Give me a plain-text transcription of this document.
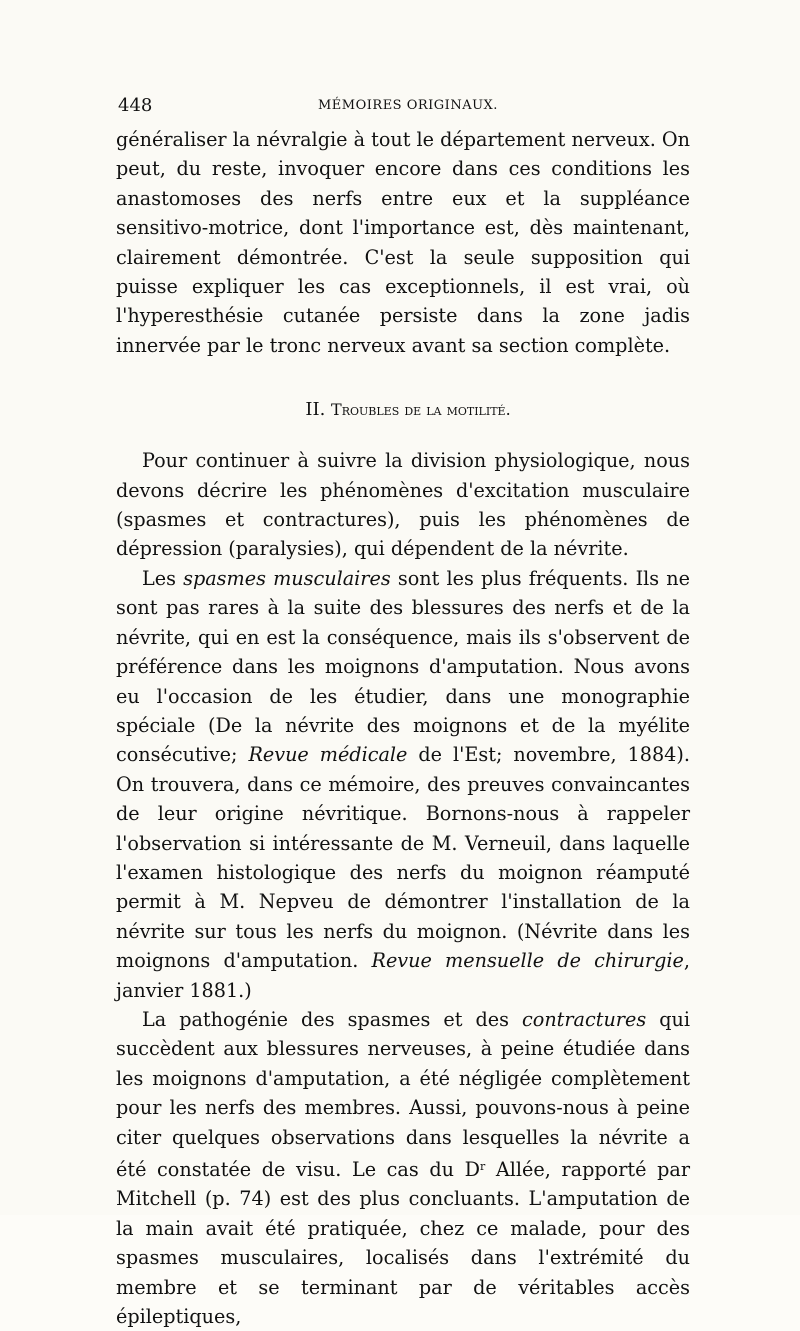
448	MÉMOIRES ORIGINAUX.

généraliser la névralgie à tout le département nerveux. On peut, du reste, invoquer encore dans ces conditions les anastomoses des nerfs entre eux et la suppléance sensitivo-motrice, dont l'importance est, dès maintenant, clairement démontrée. C'est la seule supposition qui puisse expliquer les cas exceptionnels, il est vrai, où l'hyperesthésie cutanée persiste dans la zone jadis innervée par le tronc nerveux avant sa section complète.

II. Troubles de la motilité.

Pour continuer à suivre la division physiologique, nous devons décrire les phénomènes d'excitation musculaire (spasmes et contractures), puis les phénomènes de dépression (paralysies), qui dépendent de la névrite.

Les spasmes musculaires sont les plus fréquents. Ils ne sont pas rares à la suite des blessures des nerfs et de la névrite, qui en est la conséquence, mais ils s'observent de préférence dans les moignons d'amputation. Nous avons eu l'occasion de les étudier, dans une monographie spéciale (De la névrite des moignons et de la myélite consécutive; Revue médicale de l'Est; novembre, 1884). On trouvera, dans ce mémoire, des preuves convaincantes de leur origine névritique. Bornons-nous à rappeler l'observation si intéressante de M. Verneuil, dans laquelle l'examen histologique des nerfs du moignon réamputé permit à M. Nepveu de démontrer l'installation de la névrite sur tous les nerfs du moignon. (Névrite dans les moignons d'amputation. Revue mensuelle de chirurgie, janvier 1881.)

La pathogénie des spasmes et des contractures qui succèdent aux blessures nerveuses, à peine étudiée dans les moignons d'amputation, a été négligée complètement pour les nerfs des membres. Aussi, pouvons-nous à peine citer quelques observations dans lesquelles la névrite a été constatée de visu. Le cas du $D^r$ Allée, rapporté par Mitchell (p. 74) est des plus concluants. L'amputation de la main avait été pratiquée, chez ce malade, pour des spasmes musculaires, localisés dans l'extrémité du membre et se terminant par de véritables accès épileptiques,
